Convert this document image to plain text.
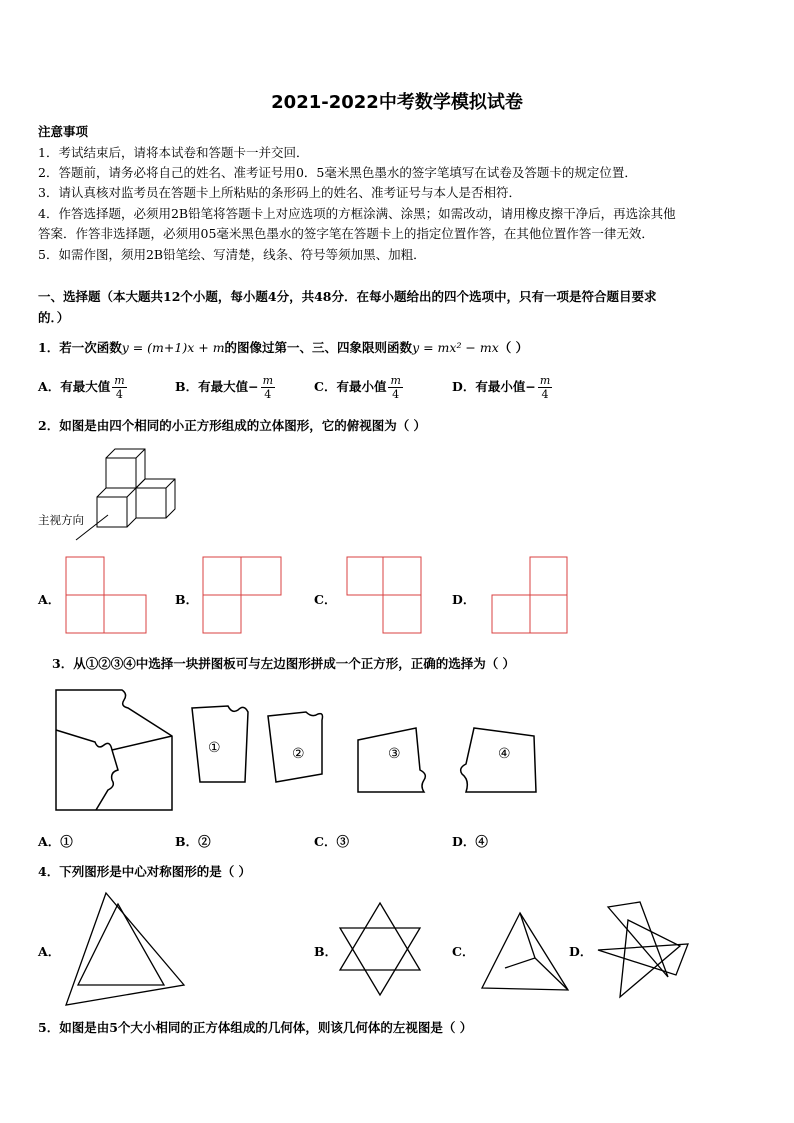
2021-2022中考数学模拟试卷
注意事项
1．考试结束后，请将本试卷和答题卡一并交回．
2．答题前，请务必将自己的姓名、准考证号用0．5毫米黑色墨水的签字笔填写在试卷及答题卡的规定位置．
3．请认真核对监考员在答题卡上所粘贴的条形码上的姓名、准考证号与本人是否相符．
4．作答选择题，必须用2B铅笔将答题卡上对应选项的方框涂满、涂黑；如需改动，请用橡皮擦干净后，再选涂其他
答案．作答非选择题，必须用05毫米黑色墨水的签字笔在答题卡上的指定位置作答，在其他位置作答一律无效．
5．如需作图，须用2B铅笔绘、写清楚，线条、符号等须加黑、加粗．
一、选择题（本大题共12个小题，每小题4分，共48分．在每小题给出的四个选项中，只有一项是符合题目要求
的．）
1．若一次函数y = (m+1)x + m的图像过第一、三、四象限则函数y = mx² − mx（ ）
A．有最大值 $\frac{m}{4}$	B．有最大值− $\frac{m}{4}$	C．有最小值 $\frac{m}{4}$	D．有最小值− $\frac{m}{4}$
2．如图是由四个相同的小正方形组成的立体图形，它的俯视图为（ ）
主视方向
A．	B．	C．	D．
3．从①②③④中选择一块拼图板可与左边图形拼成一个正方形，正确的选择为（ ）
①	②	③	④
A．①	B．②	C．③	D．④
4．下列图形是中心对称图形的是（ ）
A．	B．	C．	D．
5．如图是由5个大小相同的正方体组成的几何体，则该几何体的左视图是（ ）
